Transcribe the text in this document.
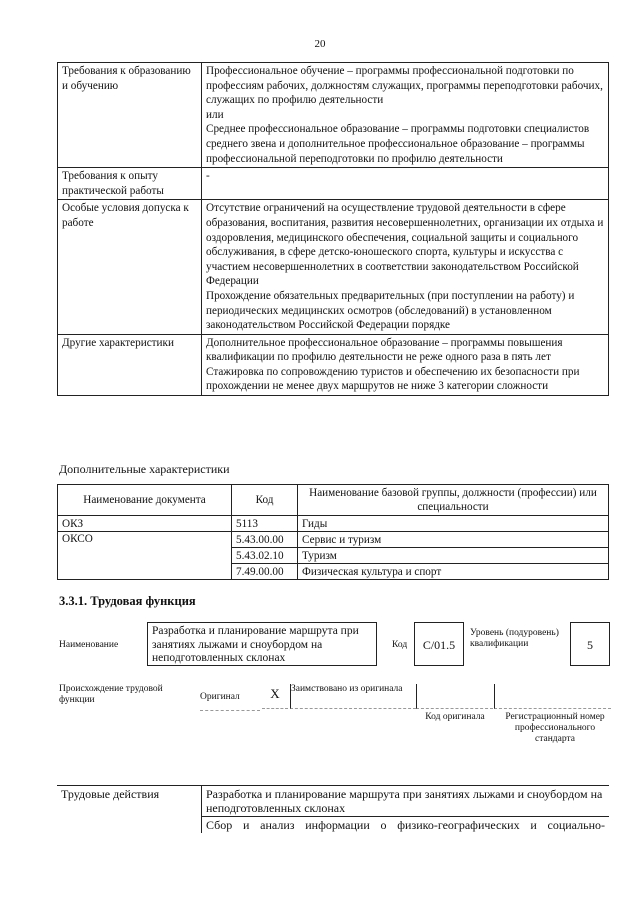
20
Требования к образованию и обучению	Профессиональное обучение – программы профессиональной подготовки по профессиям рабочих, должностям служащих, программы переподготовки рабочих, служащих по профилю деятельности
или
Среднее профессиональное образование – программы подготовки специалистов среднего звена и дополнительное профессиональное образование – программы профессиональной переподготовки по профилю деятельности

Требования к опыту практической работы	-
Особые условия допуска к работе	Отсутствие ограничений на осуществление трудовой деятельности в сфере образования, воспитания, развития несовершеннолетних, организации их отдыха и оздоровления, медицинского обеспечения, социальной защиты и социального обслуживания, в сфере детско-юношеского спорта, культуры и искусства с участием несовершеннолетних в соответствии законодательством Российской Федерации
Прохождение обязательных предварительных (при поступлении на работу) и периодических медицинских осмотров (обследований) в установленном законодательством Российской Федерации порядке

Другие характеристики	Дополнительное профессиональное образование – программы повышения квалификации по профилю деятельности не реже одного раза в пять лет
Стажировка по сопровождению туристов и обеспечению их безопасности при прохождении не менее двух маршрутов не ниже 3 категории сложности
Дополнительные характеристики
Наименование документа	Код	Наименование базовой группы, должности (профессии) или специальности
ОКЗ	5113	Гиды
ОКСО	5.43.00.00	Сервис и туризм
	5.43.02.10	Туризм
	7.49.00.00	Физическая культура и спорт
3.3.1. Трудовая функция
Наименование
Разработка и планирование маршрута при занятиях лыжами и сноубордом на неподготовленных склонах
Код	C/01.5
Уровень (подуровень) квалификации	5
Происхождение трудовой функции	Оригинал	X	Заимствовано из оригинала
Код оригинала	Регистрационный номер профессионального стандарта
Трудовые действия	Разработка и планирование маршрута при занятиях лыжами и сноубордом на неподготовленных склонах

	Сбор и анализ информации о физико-географических и социально-
